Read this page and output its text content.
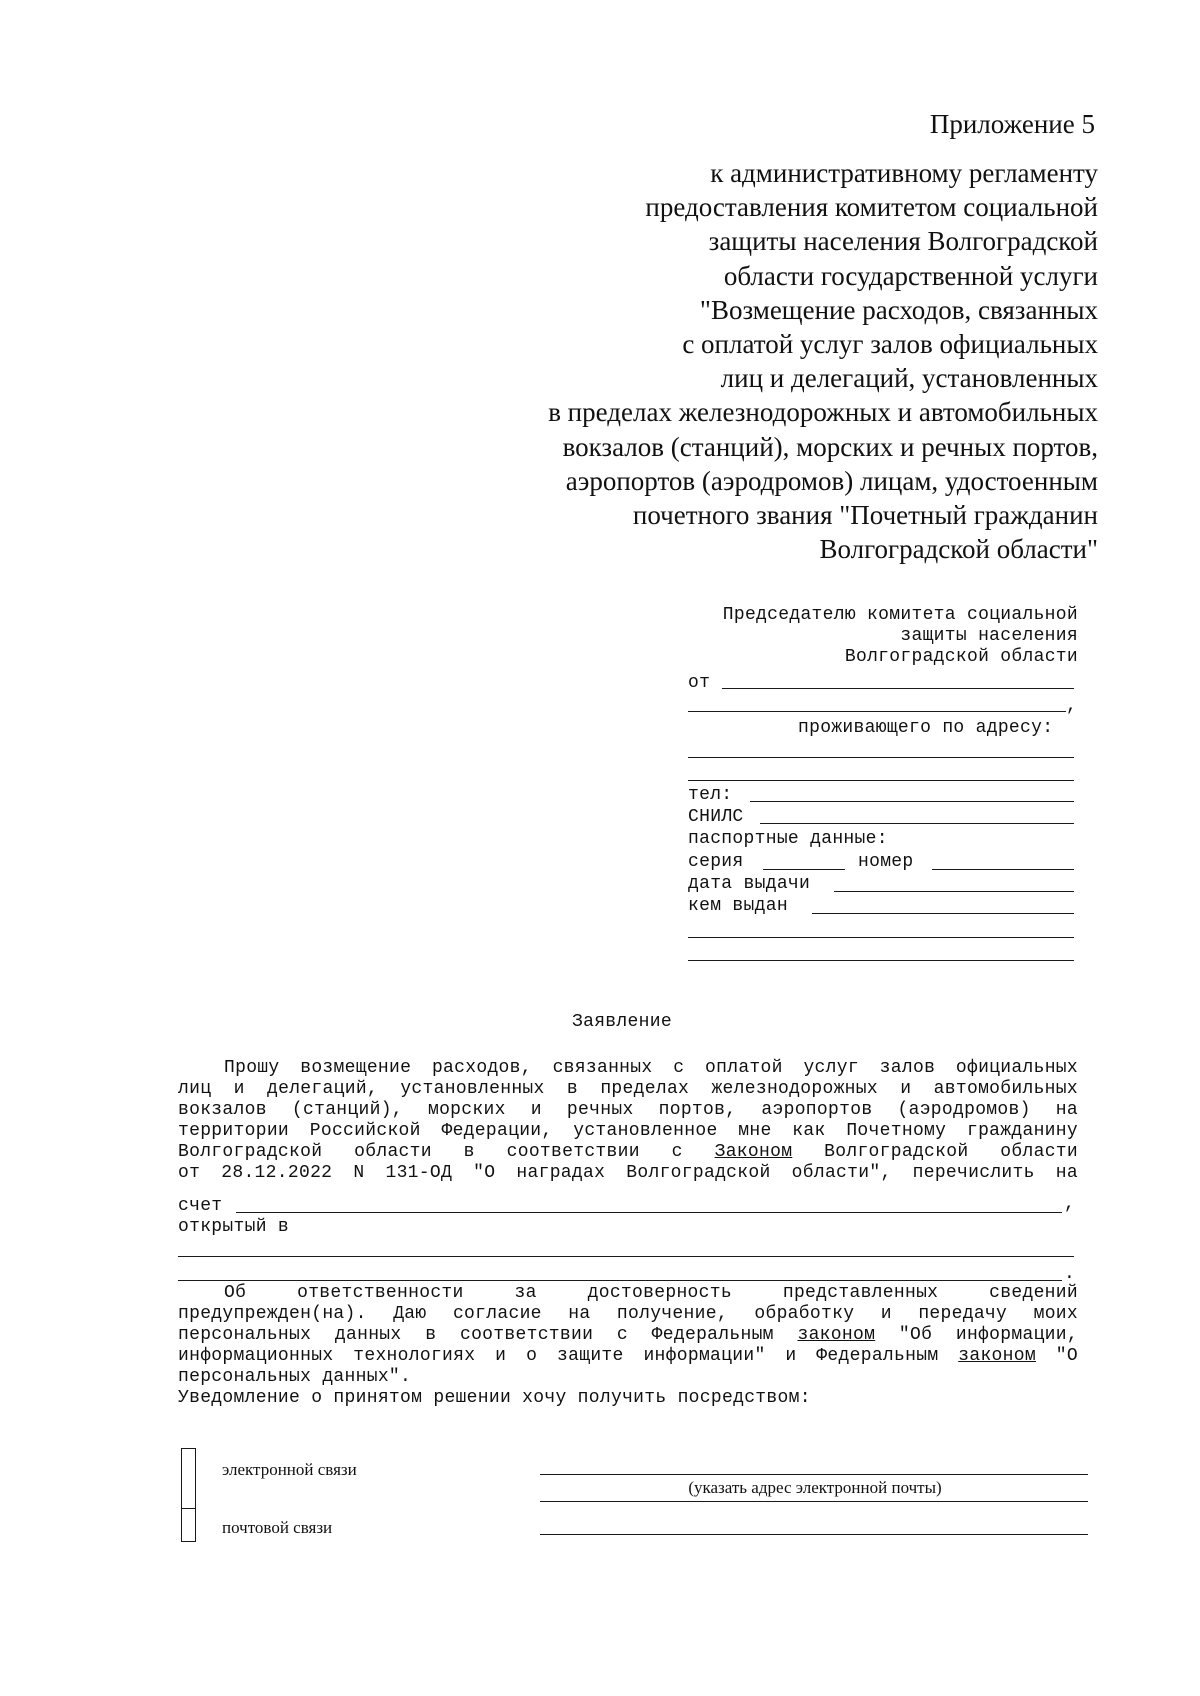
Приложение 5
к административному регламенту
предоставления комитетом социальной
защиты населения Волгоградской
области государственной услуги
"Возмещение расходов, связанных
с оплатой услуг залов официальных
лиц и делегаций, установленных
в пределах железнодорожных и автомобильных
вокзалов (станций), морских и речных портов,
аэропортов (аэродромов) лицам, удостоенным
почетного звания "Почетный гражданин
Волгоградской области"
Председателю комитета социальной
защиты населения
Волгоградской области
от
,
проживающего по адресу:
тел:
СНИЛС
паспортные данные:
серия	номер
дата выдачи
кем выдан
Заявление
Прошу возмещение расходов, связанных с оплатой услуг залов официальных
лиц и делегаций, установленных в пределах железнодорожных и автомобильных
вокзалов (станций), морских и речных портов, аэропортов (аэродромов) на
территории Российской Федерации, установленное мне как Почетному гражданину
Волгоградской области в соответствии с Законом Волгоградской области
от 28.12.2022 N 131-ОД "О наградах Волгоградской области", перечислить на
счет	,
открытый в
.
Об ответственности за достоверность представленных сведений
предупрежден(на). Даю согласие на получение, обработку и передачу моих
персональных данных в соответствии с Федеральным законом "Об информации,
информационных технологиях и о защите информации" и Федеральным законом "О
персональных данных".
Уведомление о принятом решении хочу получить посредством:
электронной связи
(указать адрес электронной почты)
почтовой связи
